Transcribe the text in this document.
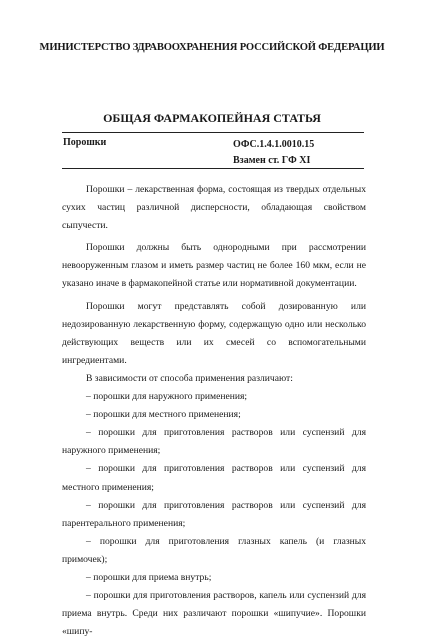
МИНИСТЕРСТВО ЗДРАВООХРАНЕНИЯ РОССИЙСКОЙ ФЕДЕРАЦИИ
ОБЩАЯ ФАРМАКОПЕЙНАЯ СТАТЬЯ
Порошки	ОФС.1.4.1.0010.15
Взамен ст. ГФ XI

Порошки – лекарственная форма, состоящая из твердых отдельных сухих частиц различной дисперсности, обладающая свойством сыпучести.

Порошки должны быть однородными при рассмотрении невооруженным глазом и иметь размер частиц не более 160 мкм, если не указано иначе в фармакопейной статье или нормативной документации.

Порошки могут представлять собой дозированную или недозированную лекарственную форму, содержащую одно или несколько действующих веществ или их смесей со вспомогательными ингредиентами.

В зависимости от способа применения различают:

– порошки для наружного применения;

– порошки для местного применения;

– порошки для приготовления растворов или суспензий для наружного применения;

– порошки для приготовления растворов или суспензий для местного применения;

– порошки для приготовления растворов или суспензий для парентерального применения;

– порошки для приготовления глазных капель (и глазных примочек);

– порошки для приема внутрь;

– порошки для приготовления растворов, капель или суспензий для приема внутрь. Среди них различают порошки «шипучие». Порошки «шипу-
